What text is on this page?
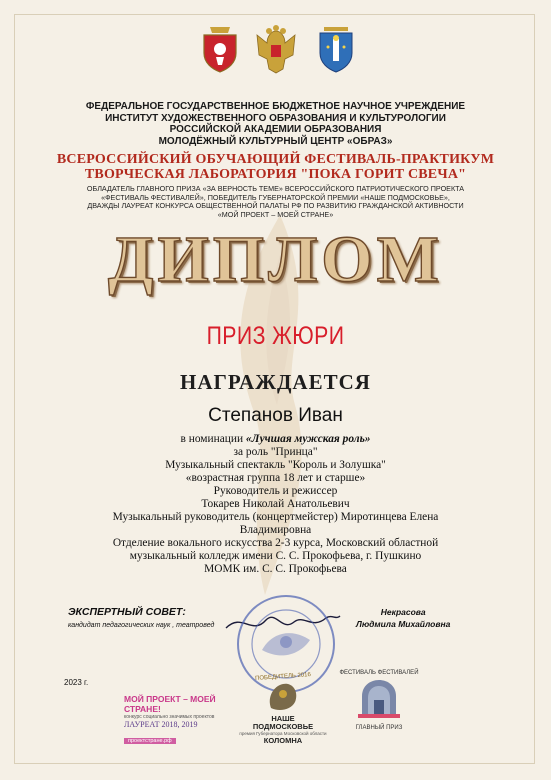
ФЕДЕРАЛЬНОЕ ГОСУДАРСТВЕННОЕ БЮДЖЕТНОЕ НАУЧНОЕ УЧРЕЖДЕНИЕ
ИНСТИТУТ ХУДОЖЕСТВЕННОГО ОБРАЗОВАНИЯ И КУЛЬТУРОЛОГИИ
РОССИЙСКОЙ АКАДЕМИИ ОБРАЗОВАНИЯ
МОЛОДЁЖНЫЙ КУЛЬТУРНЫЙ ЦЕНТР «ОБРАЗ»
ВСЕРОССИЙСКИЙ ОБУЧАЮЩИЙ ФЕСТИВАЛЬ-ПРАКТИКУМ
ТВОРЧЕСКАЯ ЛАБОРАТОРИЯ "ПОКА ГОРИТ СВЕЧА"
ОБЛАДАТЕЛЬ ГЛАВНОГО ПРИЗА «ЗА ВЕРНОСТЬ ТЕМЕ» ВСЕРОССИЙСКОГО ПАТРИОТИЧЕСКОГО ПРОЕКТА
«ФЕСТИВАЛЬ ФЕСТИВАЛЕЙ», ПОБЕДИТЕЛЬ ГУБЕРНАТОРСКОЙ ПРЕМИИ «НАШЕ ПОДМОСКОВЬЕ»,
ДВАЖДЫ ЛАУРЕАТ КОНКУРСА ОБЩЕСТВЕННОЙ ПАЛАТЫ РФ ПО РАЗВИТИЮ ГРАЖДАНСКОЙ АКТИВНОСТИ
«МОЙ ПРОЕКТ – МОЕЙ СТРАНЕ»
ДИПЛОМ
ПРИЗ ЖЮРИ
НАГРАЖДАЕТСЯ
Степанов Иван
в номинации «Лучшая мужская роль»
за роль "Принца"
Музыкальный спектакль "Король и Золушка"
«возрастная группа 18 лет и старше»
Руководитель и режиссер
Токарев Николай Анатольевич
Музыкальный руководитель (концертмейстер) Миротинцева Елена
Владимировна
Отделение вокального искусства 2-3 курса, Московский областной
музыкальный колледж имени С. С. Прокофьева, г. Пушкино
МОМК им. С. С. Прокофьева
ЭКСПЕРТНЫЙ СОВЕТ:
кандидат педагогических наук , театровед
Некрасова
Людмила Михайловна
2023 г.
МОЙ ПРОЕКТ – МОЕЙ СТРАНЕ!
конкурс социально значимых проектов
ЛАУРЕАТ 2018, 2019
проектстране.рф
ПОБЕДИТЕЛЬ 2016
НАШЕ
ПОДМОСКОВЬЕ
премия Губернатора Московской области
КОЛОМНА
ФЕСТИВАЛЬ ФЕСТИВАЛЕЙ
ГЛАВНЫЙ ПРИЗ
